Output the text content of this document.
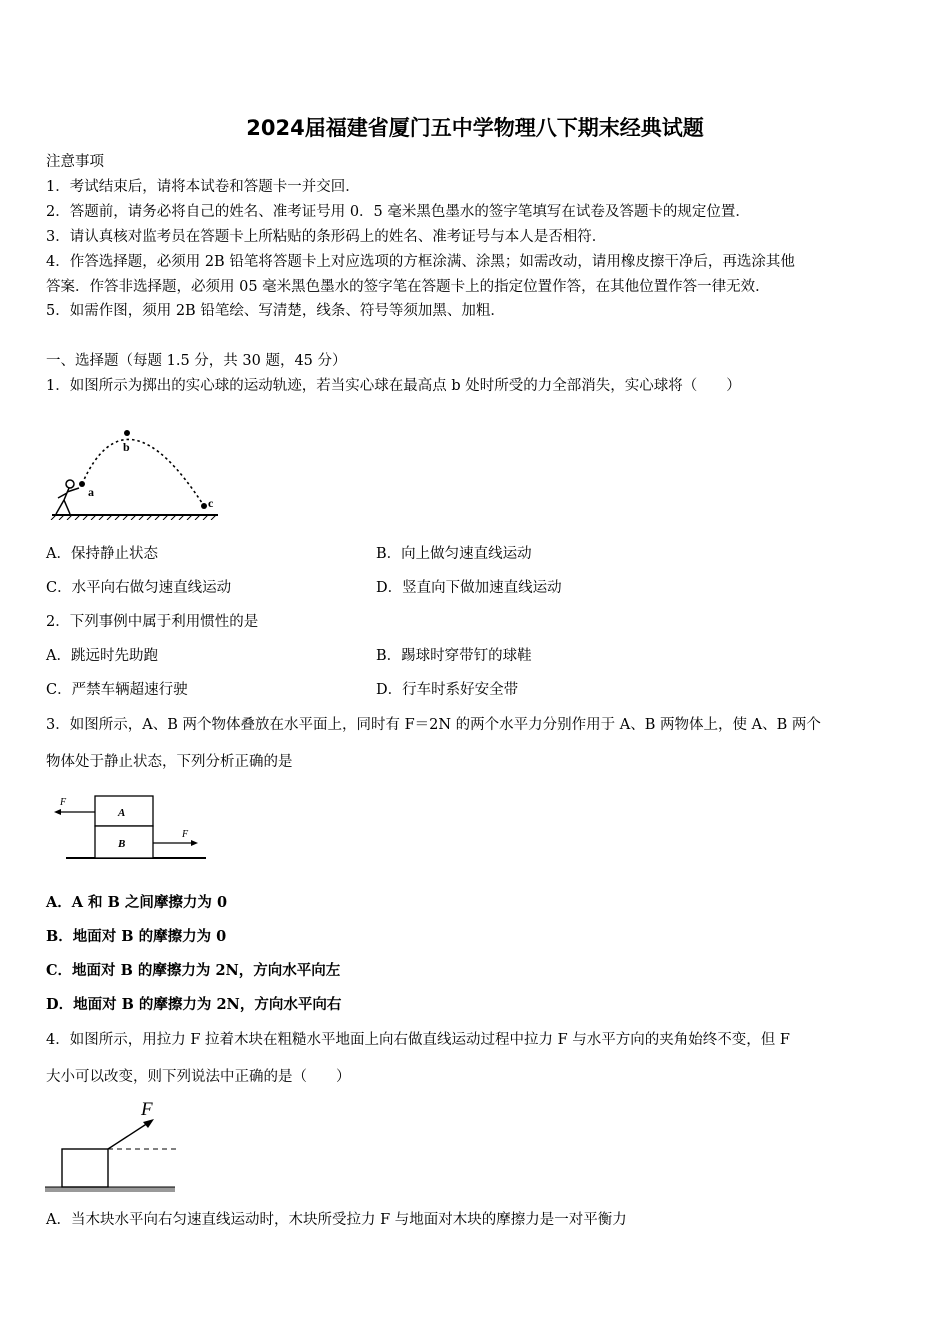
2024届福建省厦门五中学物理八下期末经典试题
注意事项
1．考试结束后，请将本试卷和答题卡一并交回．
2．答题前，请务必将自己的姓名、准考证号用 0．5 毫米黑色墨水的签字笔填写在试卷及答题卡的规定位置．
3．请认真核对监考员在答题卡上所粘贴的条形码上的姓名、准考证号与本人是否相符．
4．作答选择题，必须用 2B 铅笔将答题卡上对应选项的方框涂满、涂黑；如需改动，请用橡皮擦干净后，再选涂其他
答案．作答非选择题，必须用 05 毫米黑色墨水的签字笔在答题卡上的指定位置作答，在其他位置作答一律无效．
5．如需作图，须用 2B 铅笔绘、写清楚，线条、符号等须加黑、加粗．
一、选择题（每题 1.5 分，共 30 题，45 分）
1．如图所示为掷出的实心球的运动轨迹，若当实心球在最高点 b 处时所受的力全部消失，实心球将（　　）
a
b
c
A．保持静止状态	B．向上做匀速直线运动
C．水平向右做匀速直线运动	D．竖直向下做加速直线运动
2．下列事例中属于利用惯性的是
A．跳远时先助跑	B．踢球时穿带钉的球鞋
C．严禁车辆超速行驶	D．行车时系好安全带
3．如图所示，A、B 两个物体叠放在水平面上，同时有 F＝2N 的两个水平力分别作用于 A、B 两物体上，使 A、B 两个
物体处于静止状态，下列分析正确的是
A
B
F
F
A．A 和 B 之间摩擦力为 0
B．地面对 B 的摩擦力为 0
C．地面对 B 的摩擦力为 2N，方向水平向左
D．地面对 B 的摩擦力为 2N，方向水平向右
4．如图所示，用拉力 F 拉着木块在粗糙水平地面上向右做直线运动过程中拉力 F 与水平方向的夹角始终不变，但 F
大小可以改变，则下列说法中正确的是（　　）
F
A．当木块水平向右匀速直线运动时，木块所受拉力 F 与地面对木块的摩擦力是一对平衡力
